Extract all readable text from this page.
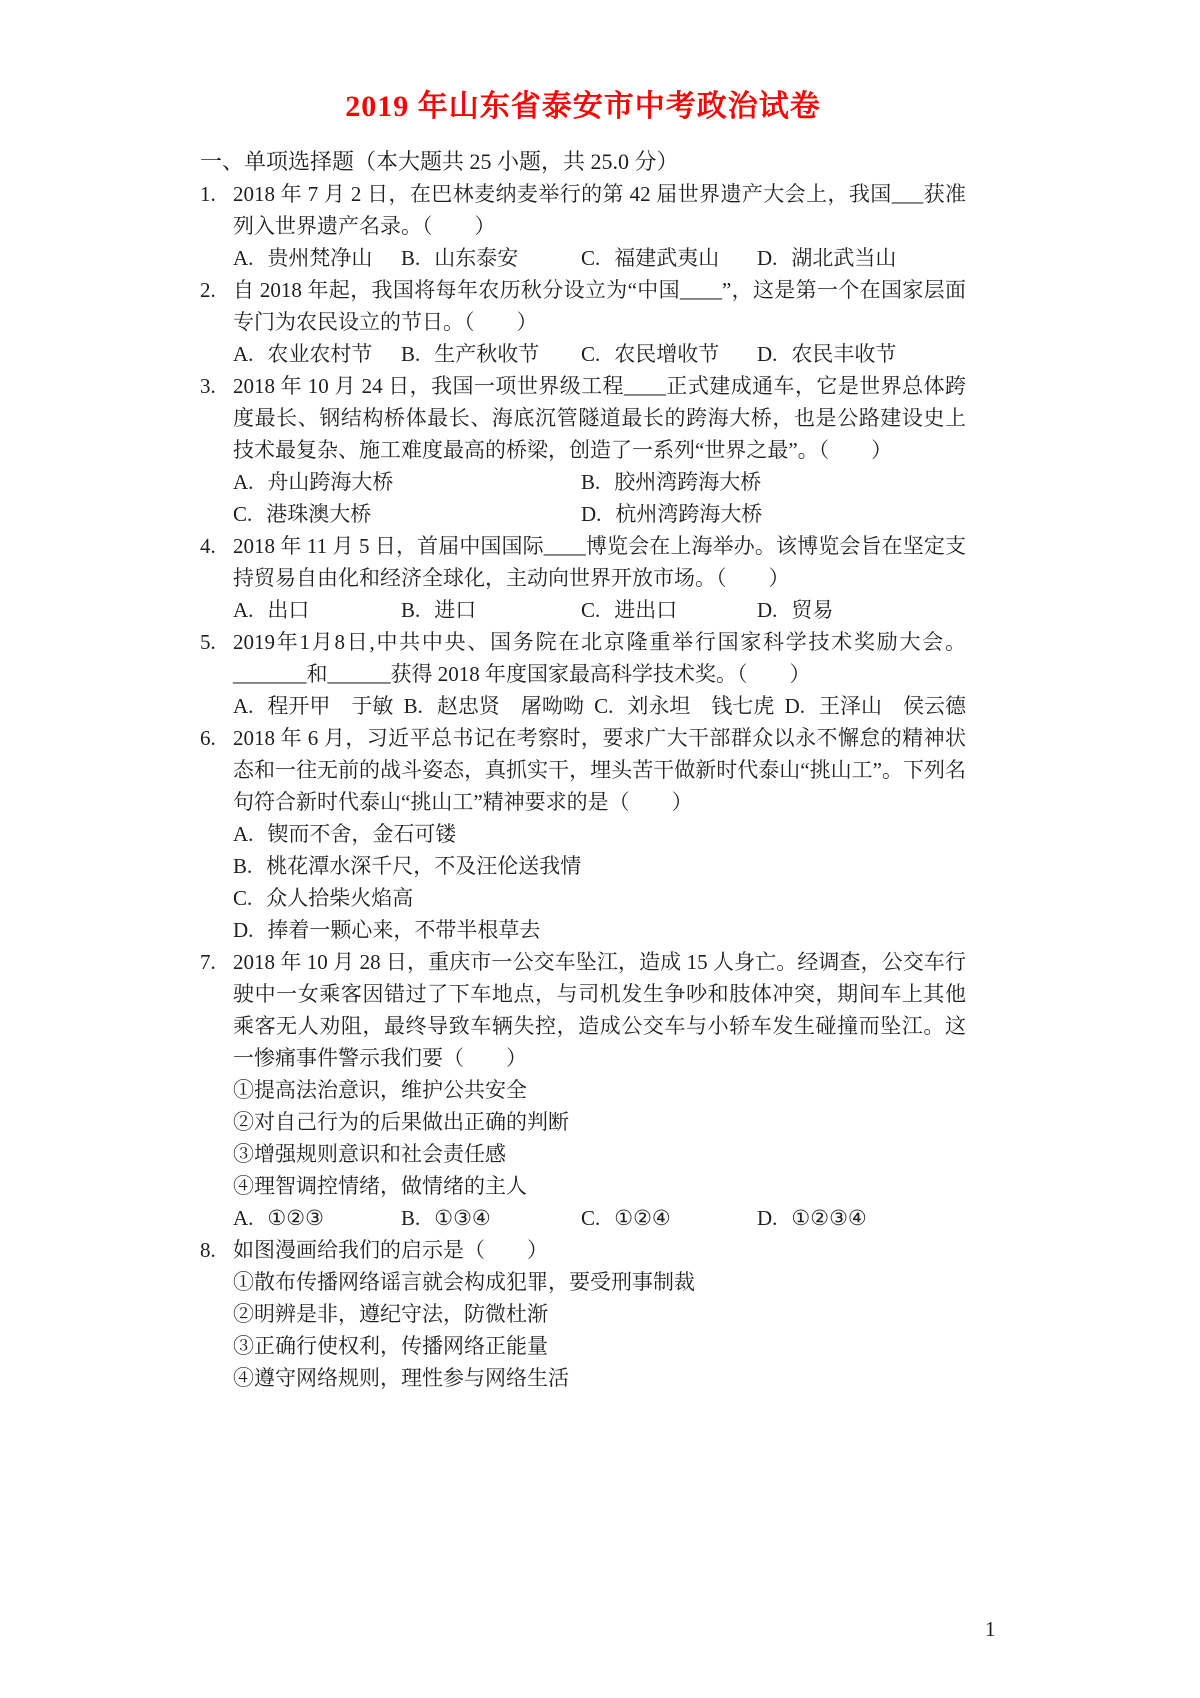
2019 年山东省泰安市中考政治试卷
一、单项选择题（本大题共 25 小题，共 25.0 分）
1. 2018 年 7 月 2 日，在巴林麦纳麦举行的第 42 届世界遗产大会上，我国___获准列入世界遗产名录。（　　）
A. 贵州梵净山	B. 山东泰安	C. 福建武夷山	D. 湖北武当山
2. 自 2018 年起，我国将每年农历秋分设立为“中国____”，这是第一个在国家层面专门为农民设立的节日。（　　）
A. 农业农村节	B. 生产秋收节	C. 农民增收节	D. 农民丰收节
3. 2018 年 10 月 24 日，我国一项世界级工程____正式建成通车，它是世界总体跨度最长、钢结构桥体最长、海底沉管隧道最长的跨海大桥，也是公路建设史上技术最复杂、施工难度最高的桥梁，创造了一系列“世界之最”。（　　）
A. 舟山跨海大桥	B. 胶州湾跨海大桥
C. 港珠澳大桥	D. 杭州湾跨海大桥
4. 2018 年 11 月 5 日，首届中国国际____博览会在上海举办。该博览会旨在坚定支持贸易自由化和经济全球化，主动向世界开放市场。（　　）
A. 出口	B. 进口	C. 进出口	D. 贸易
5. 2019年1月8日,中共中央、国务院在北京隆重举行国家科学技术奖励大会。_______和______获得 2018 年度国家最高科学技术奖。（　　）
A. 程开甲　于敏 B. 赵忠贤　屠呦呦 C. 刘永坦　钱七虎 D. 王泽山　侯云德
6. 2018 年 6 月，习近平总书记在考察时，要求广大干部群众以永不懈怠的精神状态和一往无前的战斗姿态，真抓实干，埋头苦干做新时代泰山“挑山工”。下列名句符合新时代泰山“挑山工”精神要求的是（　　）
A. 锲而不舍，金石可镂
B. 桃花潭水深千尺，不及汪伦送我情
C. 众人拾柴火焰高
D. 捧着一颗心来，不带半根草去
7. 2018 年 10 月 28 日，重庆市一公交车坠江，造成 15 人身亡。经调查，公交车行驶中一女乘客因错过了下车地点，与司机发生争吵和肢体冲突，期间车上其他乘客无人劝阻，最终导致车辆失控，造成公交车与小轿车发生碰撞而坠江。这一惨痛事件警示我们要（　　）
①提高法治意识，维护公共安全
②对自己行为的后果做出正确的判断
③增强规则意识和社会责任感
④理智调控情绪，做情绪的主人
A. ①②③	B. ①③④	C. ①②④	D. ①②③④
8. 如图漫画给我们的启示是（　　）
①散布传播网络谣言就会构成犯罪，要受刑事制裁
②明辨是非，遵纪守法，防微杜渐
③正确行使权利，传播网络正能量
④遵守网络规则，理性参与网络生活
1
